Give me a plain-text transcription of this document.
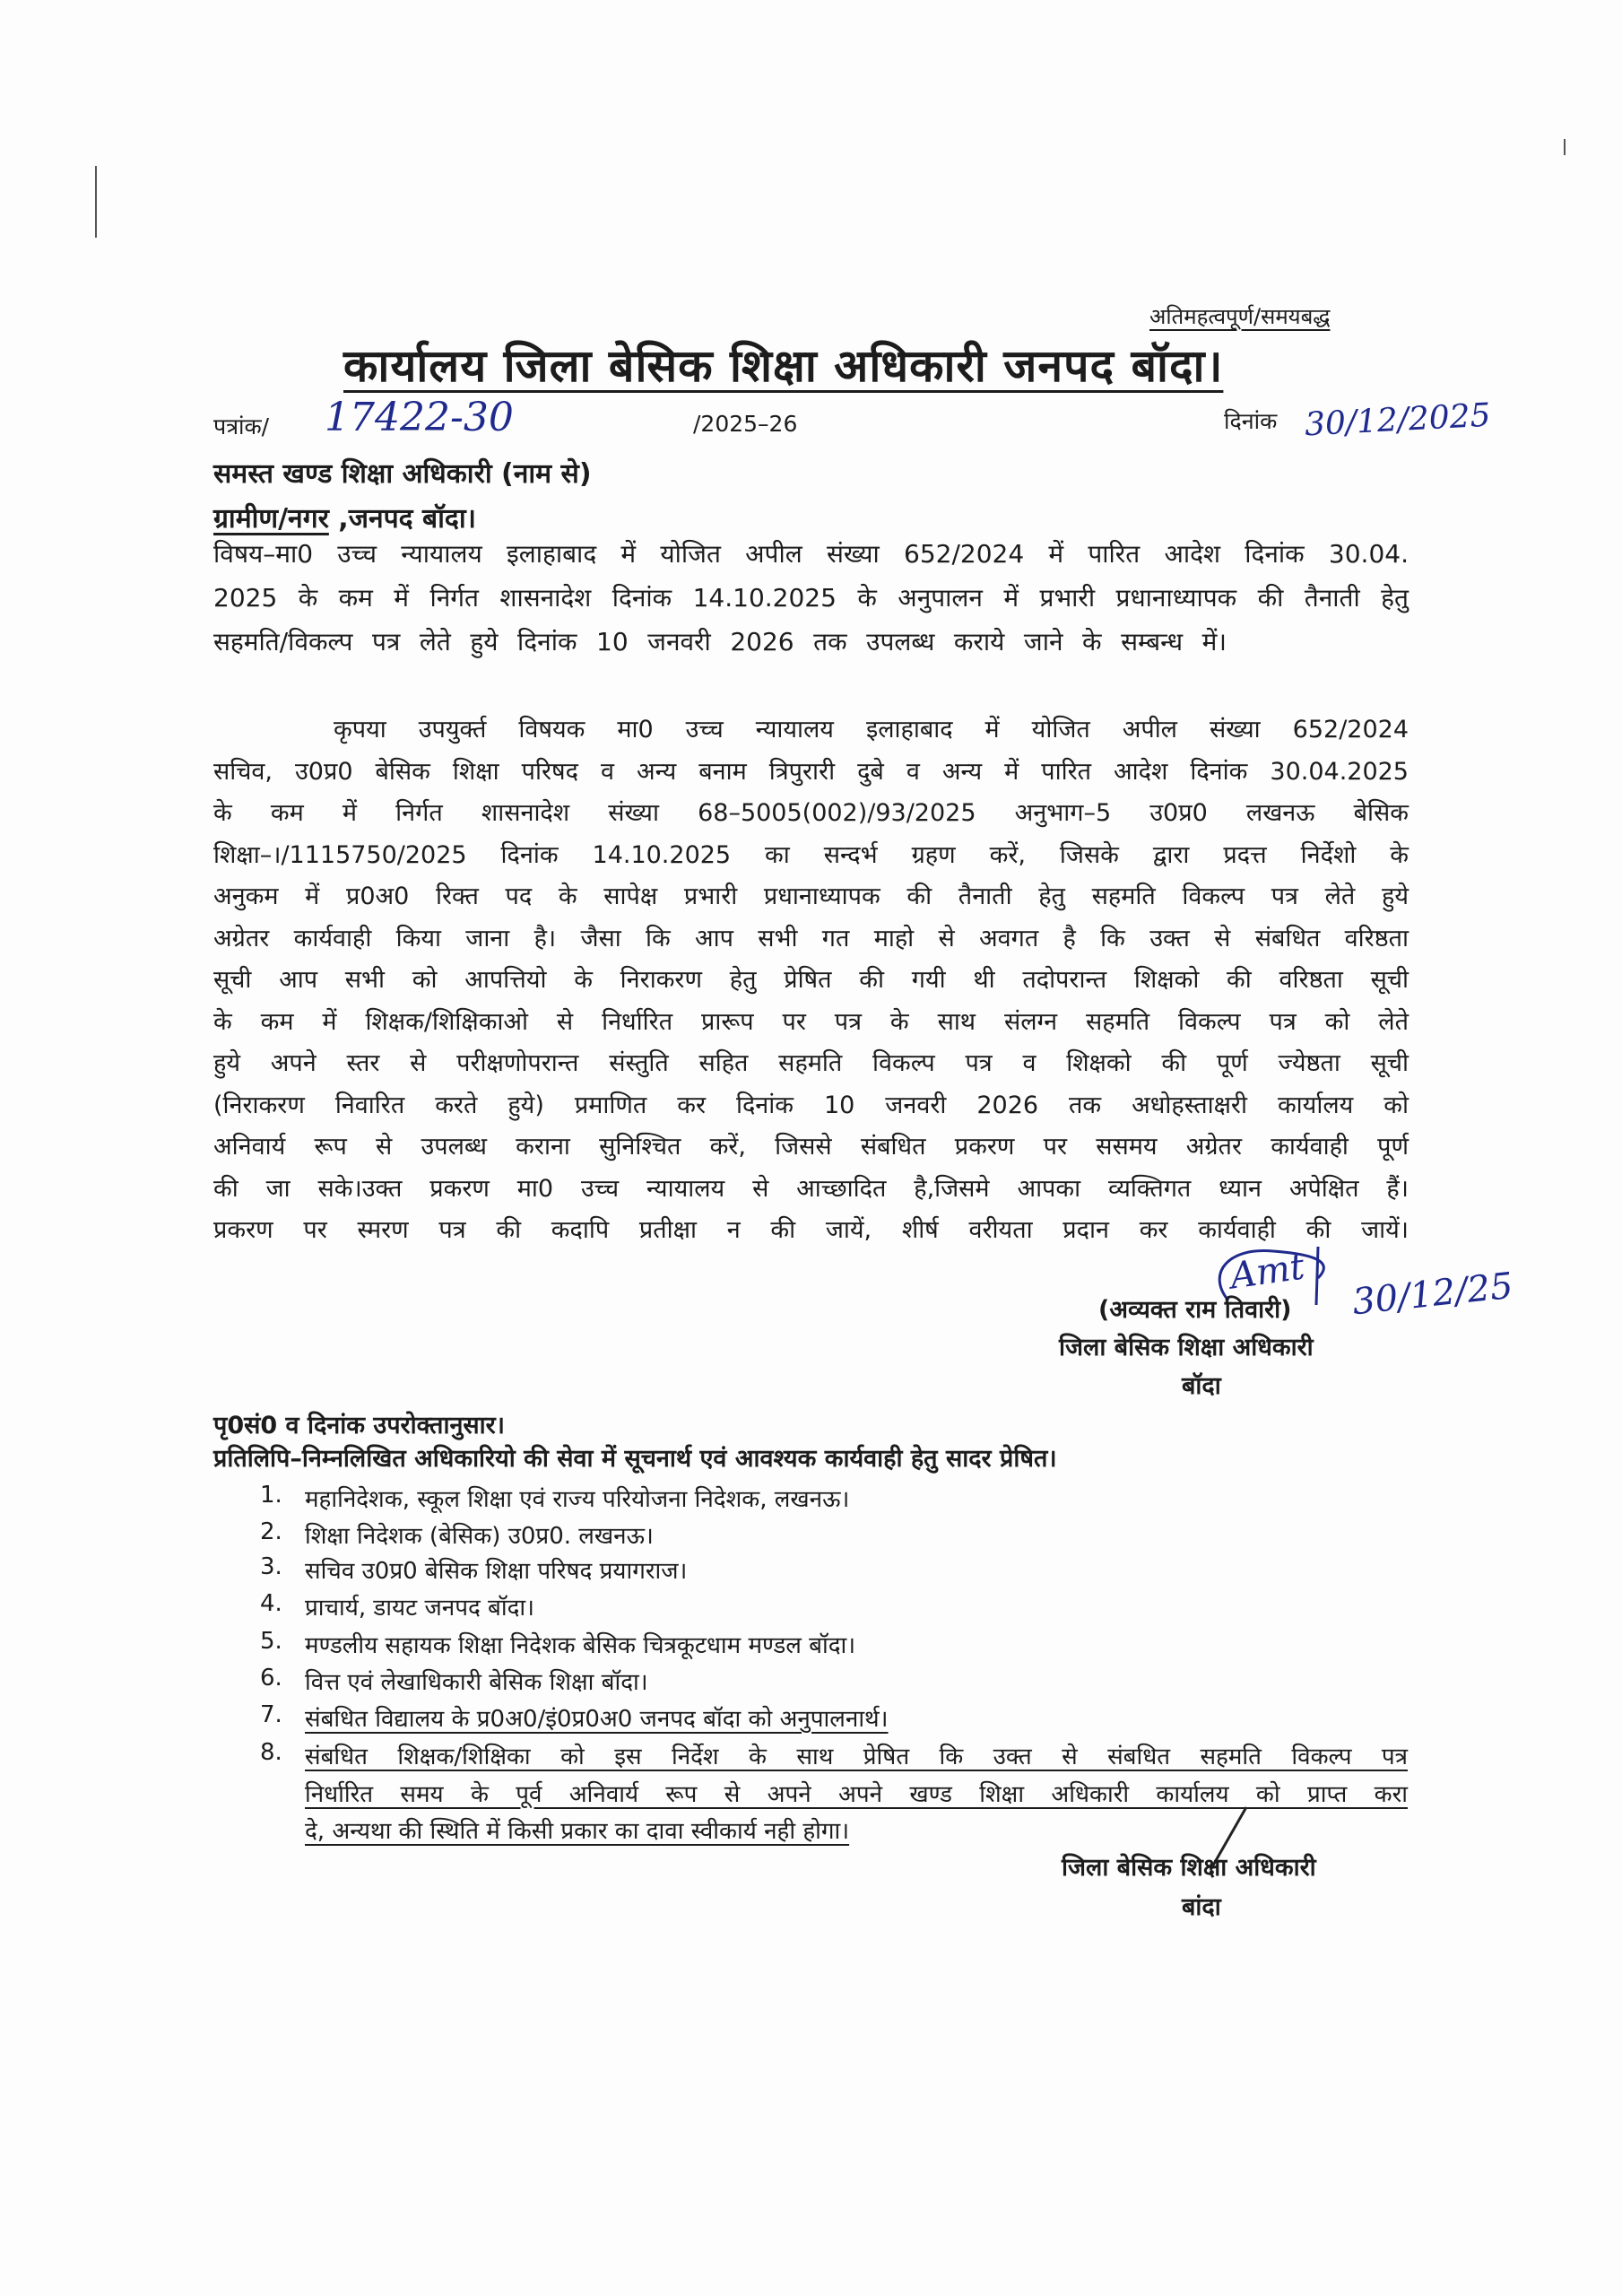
अतिमहत्वपूर्ण/समयबद्ध
कार्यालय जिला बेसिक शिक्षा अधिकारी जनपद बॉदा।
पत्रांक/ 17422-30	/2025–26	दिनांक 30/12/2025
समस्त खण्ड शिक्षा अधिकारी (नाम से)
ग्रामीण/नगर ,जनपद बॉदा।
विषय–मा0 उच्च न्यायालय इलाहाबाद में योजित अपील संख्या 652/2024 में पारित आदेश दिनांक 30.04.
2025 के कम में निर्गत शासनादेश दिनांक 14.10.2025 के अनुपालन में प्रभारी प्रधानाध्यापक की तैनाती हेतु
सहमति/विकल्प पत्र लेते हुये दिनांक 10 जनवरी 2026 तक उपलब्ध कराये जाने के सम्बन्ध में।
कृपया उपयुर्क्त विषयक मा0 उच्च न्यायालय इलाहाबाद में योजित अपील संख्या 652/2024
सचिव, उ0प्र0 बेसिक शिक्षा परिषद व अन्य बनाम त्रिपुरारी दुबे व अन्य में पारित आदेश दिनांक 30.04.2025
के कम में निर्गत शासनादेश संख्या 68–5005(002)/93/2025 अनुभाग–5 उ0प्र0 लखनऊ बेसिक
शिक्षा–।/1115750/2025 दिनांक 14.10.2025 का सन्दर्भ ग्रहण करें, जिसके द्वारा प्रदत्त निर्देशो के
अनुकम में प्र0अ0 रिक्त पद के सापेक्ष प्रभारी प्रधानाध्यापक की तैनाती हेतु सहमति विकल्प पत्र लेते हुये
अग्रेतर कार्यवाही किया जाना है। जैसा कि आप सभी गत माहो से अवगत है कि उक्त से संबधित वरिष्ठता
सूची आप सभी को आपत्तियो के निराकरण हेतु प्रेषित की गयी थी तदोपरान्त शिक्षको की वरिष्ठता सूची
के कम में शिक्षक/शिक्षिकाओ से निर्धारित प्रारूप पर पत्र के साथ संलग्न सहमति विकल्प पत्र को लेते
हुये अपने स्तर से परीक्षणोपरान्त संस्तुति सहित सहमति विकल्प पत्र व शिक्षको की पूर्ण ज्येष्ठता सूची
(निराकरण निवारित करते हुये) प्रमाणित कर दिनांक 10 जनवरी 2026 तक अधोहस्ताक्षरी कार्यालय को
अनिवार्य रूप से उपलब्ध कराना सुनिश्चित करें, जिससे संबधित प्रकरण पर ससमय अग्रेतर कार्यवाही पूर्ण
की जा सके।उक्त प्रकरण मा0 उच्च न्यायालय से आच्छादित है,जिसमे आपका व्यक्तिगत ध्यान अपेक्षित हैं।
प्रकरण पर स्मरण पत्र की कदापि प्रतीक्षा न की जायें, शीर्ष वरीयता प्रदान कर कार्यवाही की जायें।
Amt 30/12/25
(अव्यक्त राम तिवारी)
जिला बेसिक शिक्षा अधिकारी
बॉदा
पृ0सं0 व दिनांक उपरोक्तानुसार।
प्रतिलिपि–निम्नलिखित अधिकारियो की सेवा में सूचनार्थ एवं आवश्यक कार्यवाही हेतु सादर प्रेषित।
1. महानिदेशक, स्कूल शिक्षा एवं राज्य परियोजना निदेशक, लखनऊ।
2. शिक्षा निदेशक (बेसिक) उ0प्र0. लखनऊ।
3. सचिव उ0प्र0 बेसिक शिक्षा परिषद प्रयागराज।
4. प्राचार्य, डायट जनपद बॉदा।
5. मण्डलीय सहायक शिक्षा निदेशक बेसिक चित्रकूटधाम मण्डल बॉदा।
6. वित्त एवं लेखाधिकारी बेसिक शिक्षा बॉदा।
7. संबधित विद्यालय के प्र0अ0/इं0प्र0अ0 जनपद बॉदा को अनुपालनार्थ।
8. संबधित शिक्षक/शिक्षिका को इस निर्देश के साथ प्रेषित कि उक्त से संबधित सहमति विकल्प पत्र
निर्धारित समय के पूर्व अनिवार्य रूप से अपने अपने खण्ड शिक्षा अधिकारी कार्यालय को प्राप्त करा
दे, अन्यथा की स्थिति में किसी प्रकार का दावा स्वीकार्य नही होगा।
जिला बेसिक शिक्षा अधिकारी
बांदा
